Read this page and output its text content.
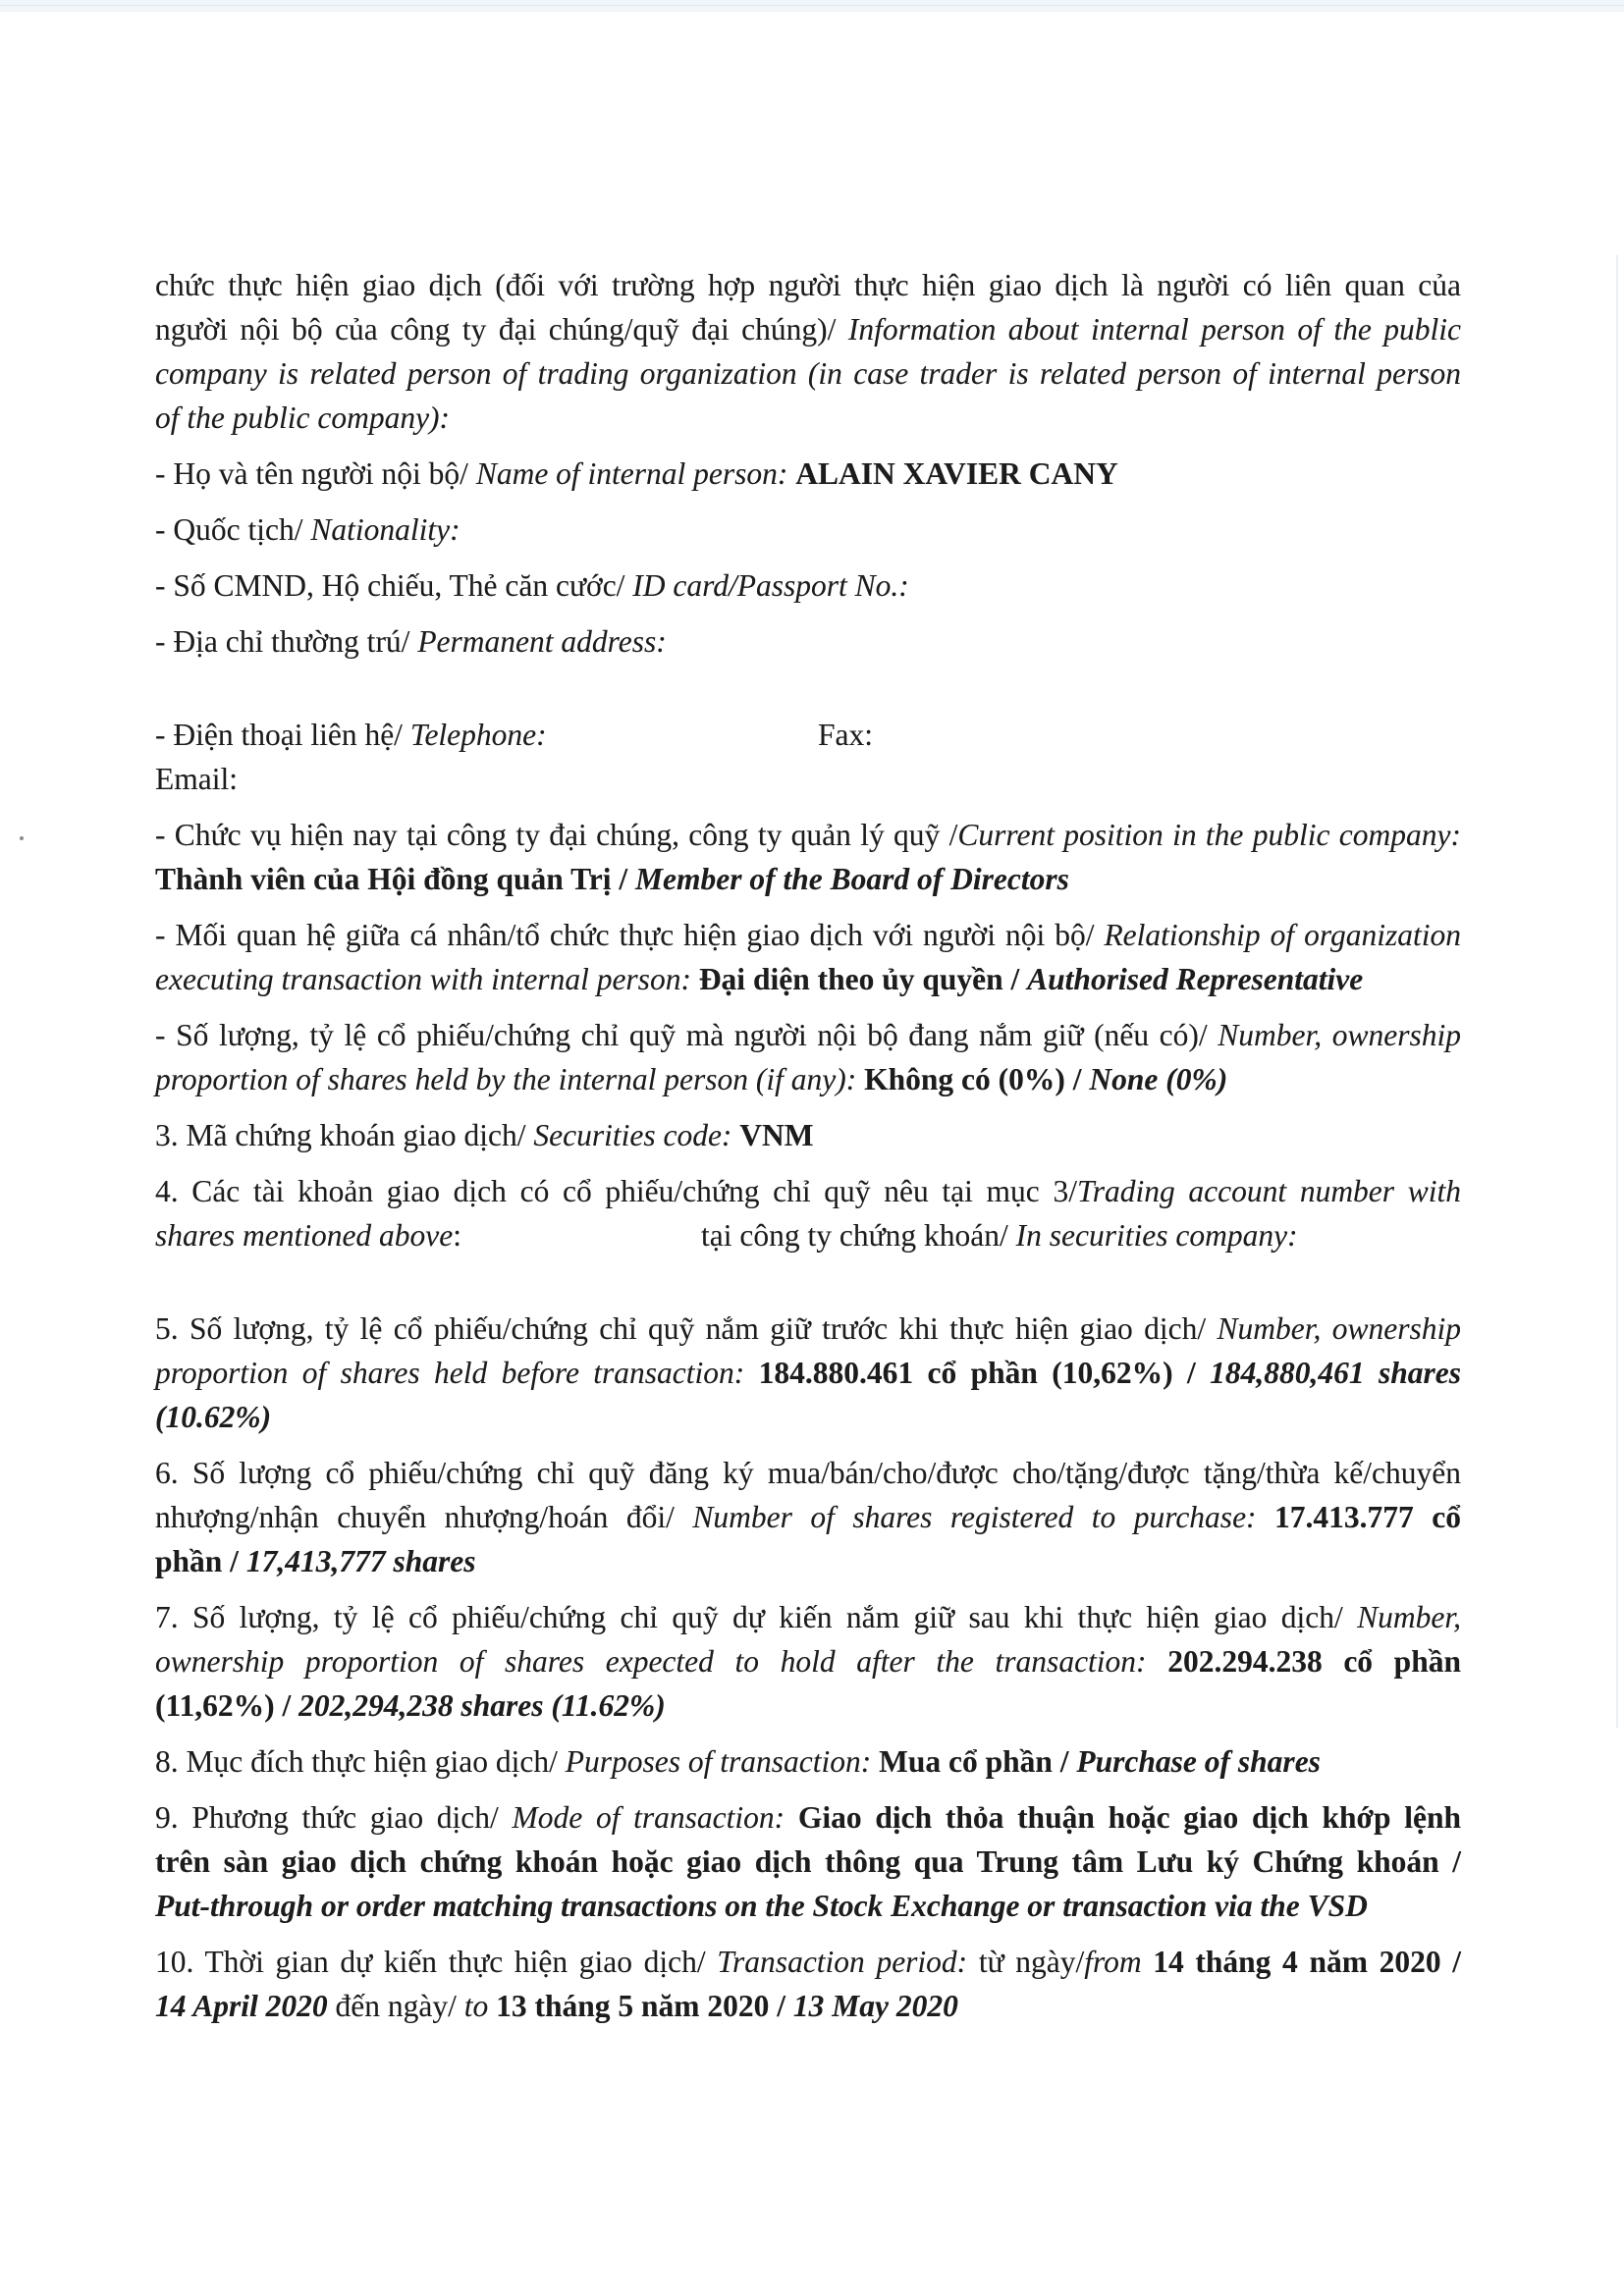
chức thực hiện giao dịch (đối với trường hợp người thực hiện giao dịch là người có liên quan của
người nội bộ của công ty đại chúng/quỹ đại chúng)/ Information about internal person of the public
company is related person of trading organization (in case trader is related person of internal person
of the public company):
- Họ và tên người nội bộ/ Name of internal person: ALAIN XAVIER CANY
- Quốc tịch/ Nationality:
- Số CMND, Hộ chiếu, Thẻ căn cước/ ID card/Passport No.:
- Địa chỉ thường trú/ Permanent address:
- Điện thoại liên hệ/ Telephone:	Fax:
Email:
- Chức vụ hiện nay tại công ty đại chúng, công ty quản lý quỹ /Current position in the public company:
Thành viên của Hội đồng quản Trị / Member of the Board of Directors
- Mối quan hệ giữa cá nhân/tổ chức thực hiện giao dịch với người nội bộ/ Relationship of organization
executing transaction with internal person: Đại diện theo ủy quyền / Authorised Representative
- Số lượng, tỷ lệ cổ phiếu/chứng chỉ quỹ mà người nội bộ đang nắm giữ (nếu có)/ Number, ownership
proportion of shares held by the internal person (if any): Không có (0%) / None (0%)
3. Mã chứng khoán giao dịch/ Securities code: VNM
4. Các tài khoản giao dịch có cổ phiếu/chứng chỉ quỹ nêu tại mục 3/Trading account number with
shares mentioned above:	tại công ty chứng khoán/ In securities company:
5. Số lượng, tỷ lệ cổ phiếu/chứng chỉ quỹ nắm giữ trước khi thực hiện giao dịch/ Number, ownership
proportion of shares held before transaction: 184.880.461 cổ phần (10,62%) / 184,880,461 shares
(10.62%)
6. Số lượng cổ phiếu/chứng chỉ quỹ đăng ký mua/bán/cho/được cho/tặng/được tặng/thừa kế/chuyển
nhượng/nhận chuyển nhượng/hoán đổi/ Number of shares registered to purchase: 17.413.777 cổ
phần / 17,413,777 shares
7. Số lượng, tỷ lệ cổ phiếu/chứng chỉ quỹ dự kiến nắm giữ sau khi thực hiện giao dịch/ Number,
ownership proportion of shares expected to hold after the transaction: 202.294.238 cổ phần
(11,62%) / 202,294,238 shares (11.62%)
8. Mục đích thực hiện giao dịch/ Purposes of transaction: Mua cổ phần / Purchase of shares
9. Phương thức giao dịch/ Mode of transaction: Giao dịch thỏa thuận hoặc giao dịch khớp lệnh
trên sàn giao dịch chứng khoán hoặc giao dịch thông qua Trung tâm Lưu ký Chứng khoán /
Put-through or order matching transactions on the Stock Exchange or transaction via the VSD
10. Thời gian dự kiến thực hiện giao dịch/ Transaction period: từ ngày/from 14 tháng 4 năm 2020 /
14 April 2020 đến ngày/ to 13 tháng 5 năm 2020 / 13 May 2020
